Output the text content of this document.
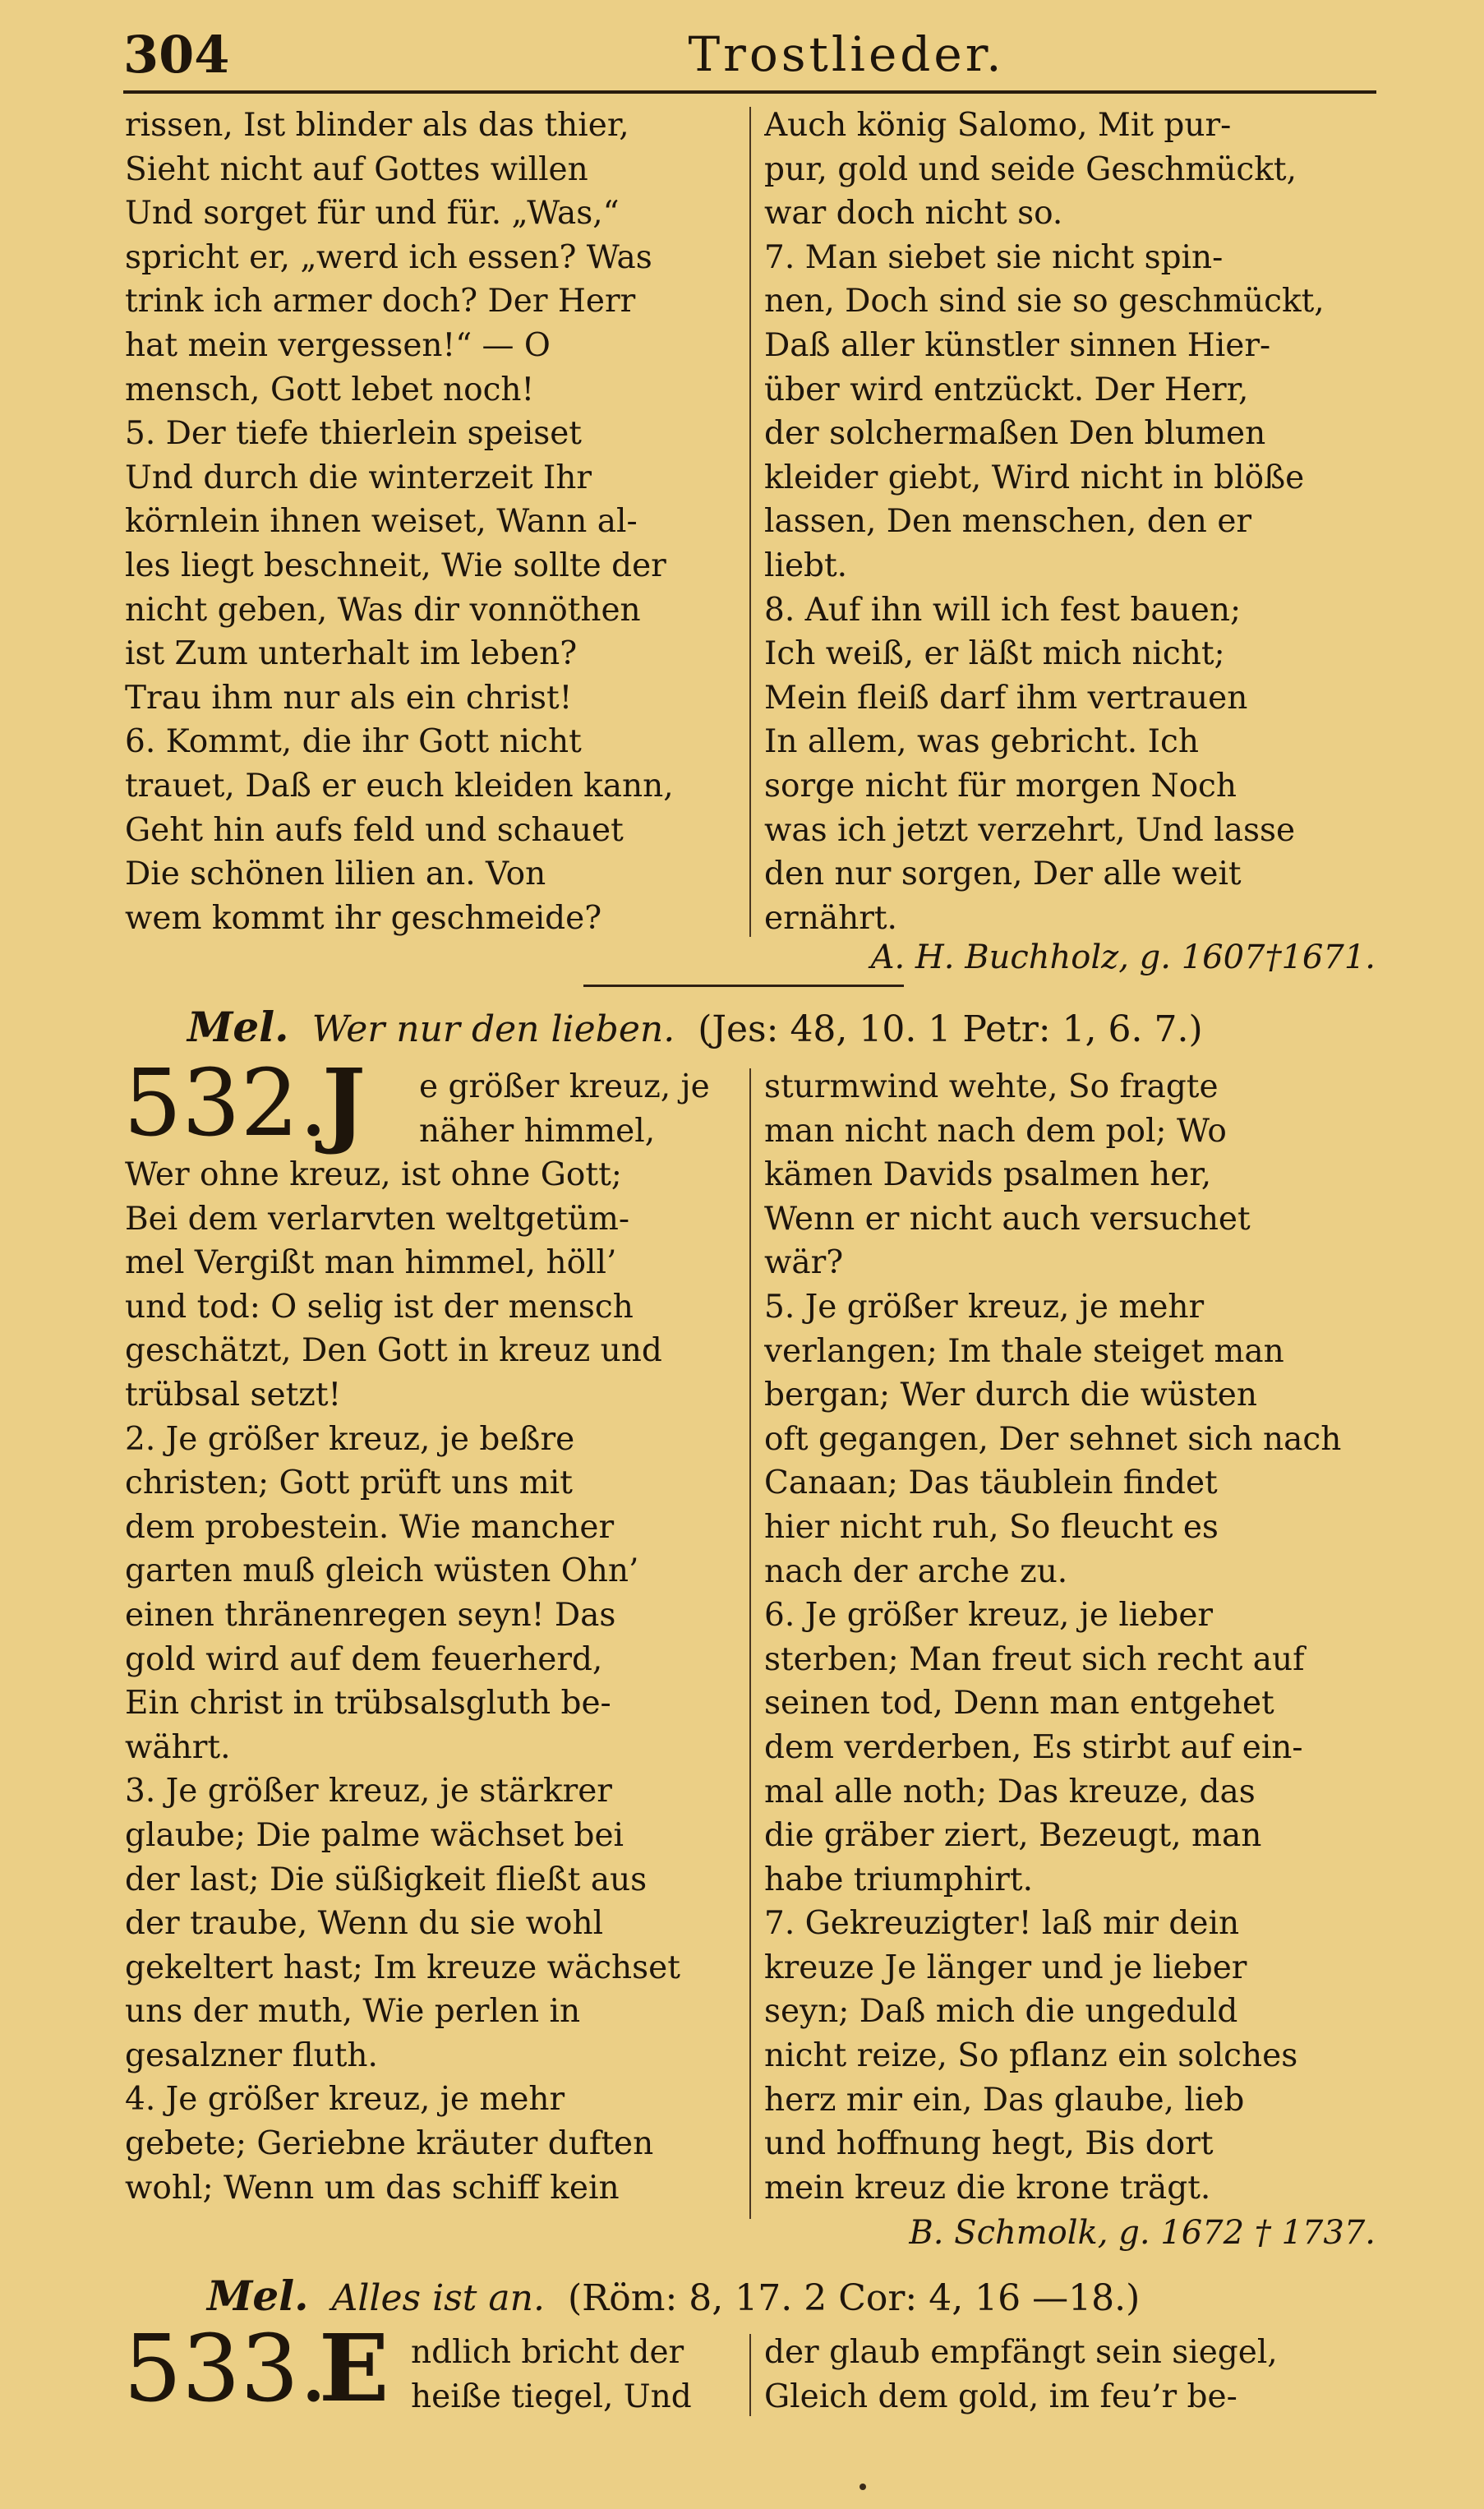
304	Trostlieder.
rissen, Ist blinder als das thier,
Sieht nicht auf Gottes willen
Und sorget für und für. „Was,“
spricht er, „werd ich essen? Was
trink ich armer doch? Der Herr
hat mein vergessen!“ — O
mensch, Gott lebet noch!
5. Der tiefe thierlein speiset
Und durch die winterzeit Ihr
körnlein ihnen weiset, Wann al-
les liegt beschneit, Wie sollte der
nicht geben, Was dir vonnöthen
ist Zum unterhalt im leben?
Trau ihm nur als ein christ!
6. Kommt, die ihr Gott nicht
trauet, Daß er euch kleiden kann,
Geht hin aufs feld und schauet
Die schönen lilien an. Von
wem kommt ihr geschmeide?
Auch könig Salomo, Mit pur-
pur, gold und seide Geschmückt,
war doch nicht so.
7. Man siebet sie nicht spin-
nen, Doch sind sie so geschmückt,
Daß aller künstler sinnen Hier-
über wird entzückt. Der Herr,
der solchermaßen Den blumen
kleider giebt, Wird nicht in blöße
lassen, Den menschen, den er
liebt.
8. Auf ihn will ich fest bauen;
Ich weiß, er läßt mich nicht;
Mein fleiß darf ihm vertrauen
In allem, was gebricht. Ich
sorge nicht für morgen Noch
was ich jetzt verzehrt, Und lasse
den nur sorgen, Der alle weit
ernährt.
A. H. Buchholz, g. 1607†1671.
Mel. Wer nur den lieben. (Jes: 48, 10. 1 Petr: 1, 6. 7.)
532.
J e größer kreuz, je
näher himmel,
Wer ohne kreuz, ist ohne Gott;
Bei dem verlarvten weltgetüm-
mel Vergißt man himmel, höll’
und tod: O selig ist der mensch
geschätzt, Den Gott in kreuz und
trübsal setzt!
2. Je größer kreuz, je beßre
christen; Gott prüft uns mit
dem probestein. Wie mancher
garten muß gleich wüsten Ohn’
einen thränenregen seyn! Das
gold wird auf dem feuerherd,
Ein christ in trübsalsgluth be-
währt.
3. Je größer kreuz, je stärkrer
glaube; Die palme wächset bei
der last; Die süßigkeit fließt aus
der traube, Wenn du sie wohl
gekeltert hast; Im kreuze wächset
uns der muth, Wie perlen in
gesalzner fluth.
4. Je größer kreuz, je mehr
gebete; Geriebne kräuter duften
wohl; Wenn um das schiff kein
sturmwind wehte, So fragte
man nicht nach dem pol; Wo
kämen Davids psalmen her,
Wenn er nicht auch versuchet
wär?
5. Je größer kreuz, je mehr
verlangen; Im thale steiget man
bergan; Wer durch die wüsten
oft gegangen, Der sehnet sich nach
Canaan; Das täublein findet
hier nicht ruh, So fleucht es
nach der arche zu.
6. Je größer kreuz, je lieber
sterben; Man freut sich recht auf
seinen tod, Denn man entgehet
dem verderben, Es stirbt auf ein-
mal alle noth; Das kreuze, das
die gräber ziert, Bezeugt, man
habe triumphirt.
7. Gekreuzigter! laß mir dein
kreuze Je länger und je lieber
seyn; Daß mich die ungeduld
nicht reize, So pflanz ein solches
herz mir ein, Das glaube, lieb
und hoffnung hegt, Bis dort
mein kreuz die krone trägt.
B. Schmolk, g. 1672 † 1737.
Mel. Alles ist an. (Röm: 8, 17. 2 Cor: 4, 16 —18.)
533.
E ndlich bricht der
heiße tiegel, Und
der glaub empfängt sein siegel,
Gleich dem gold, im feu’r be-
